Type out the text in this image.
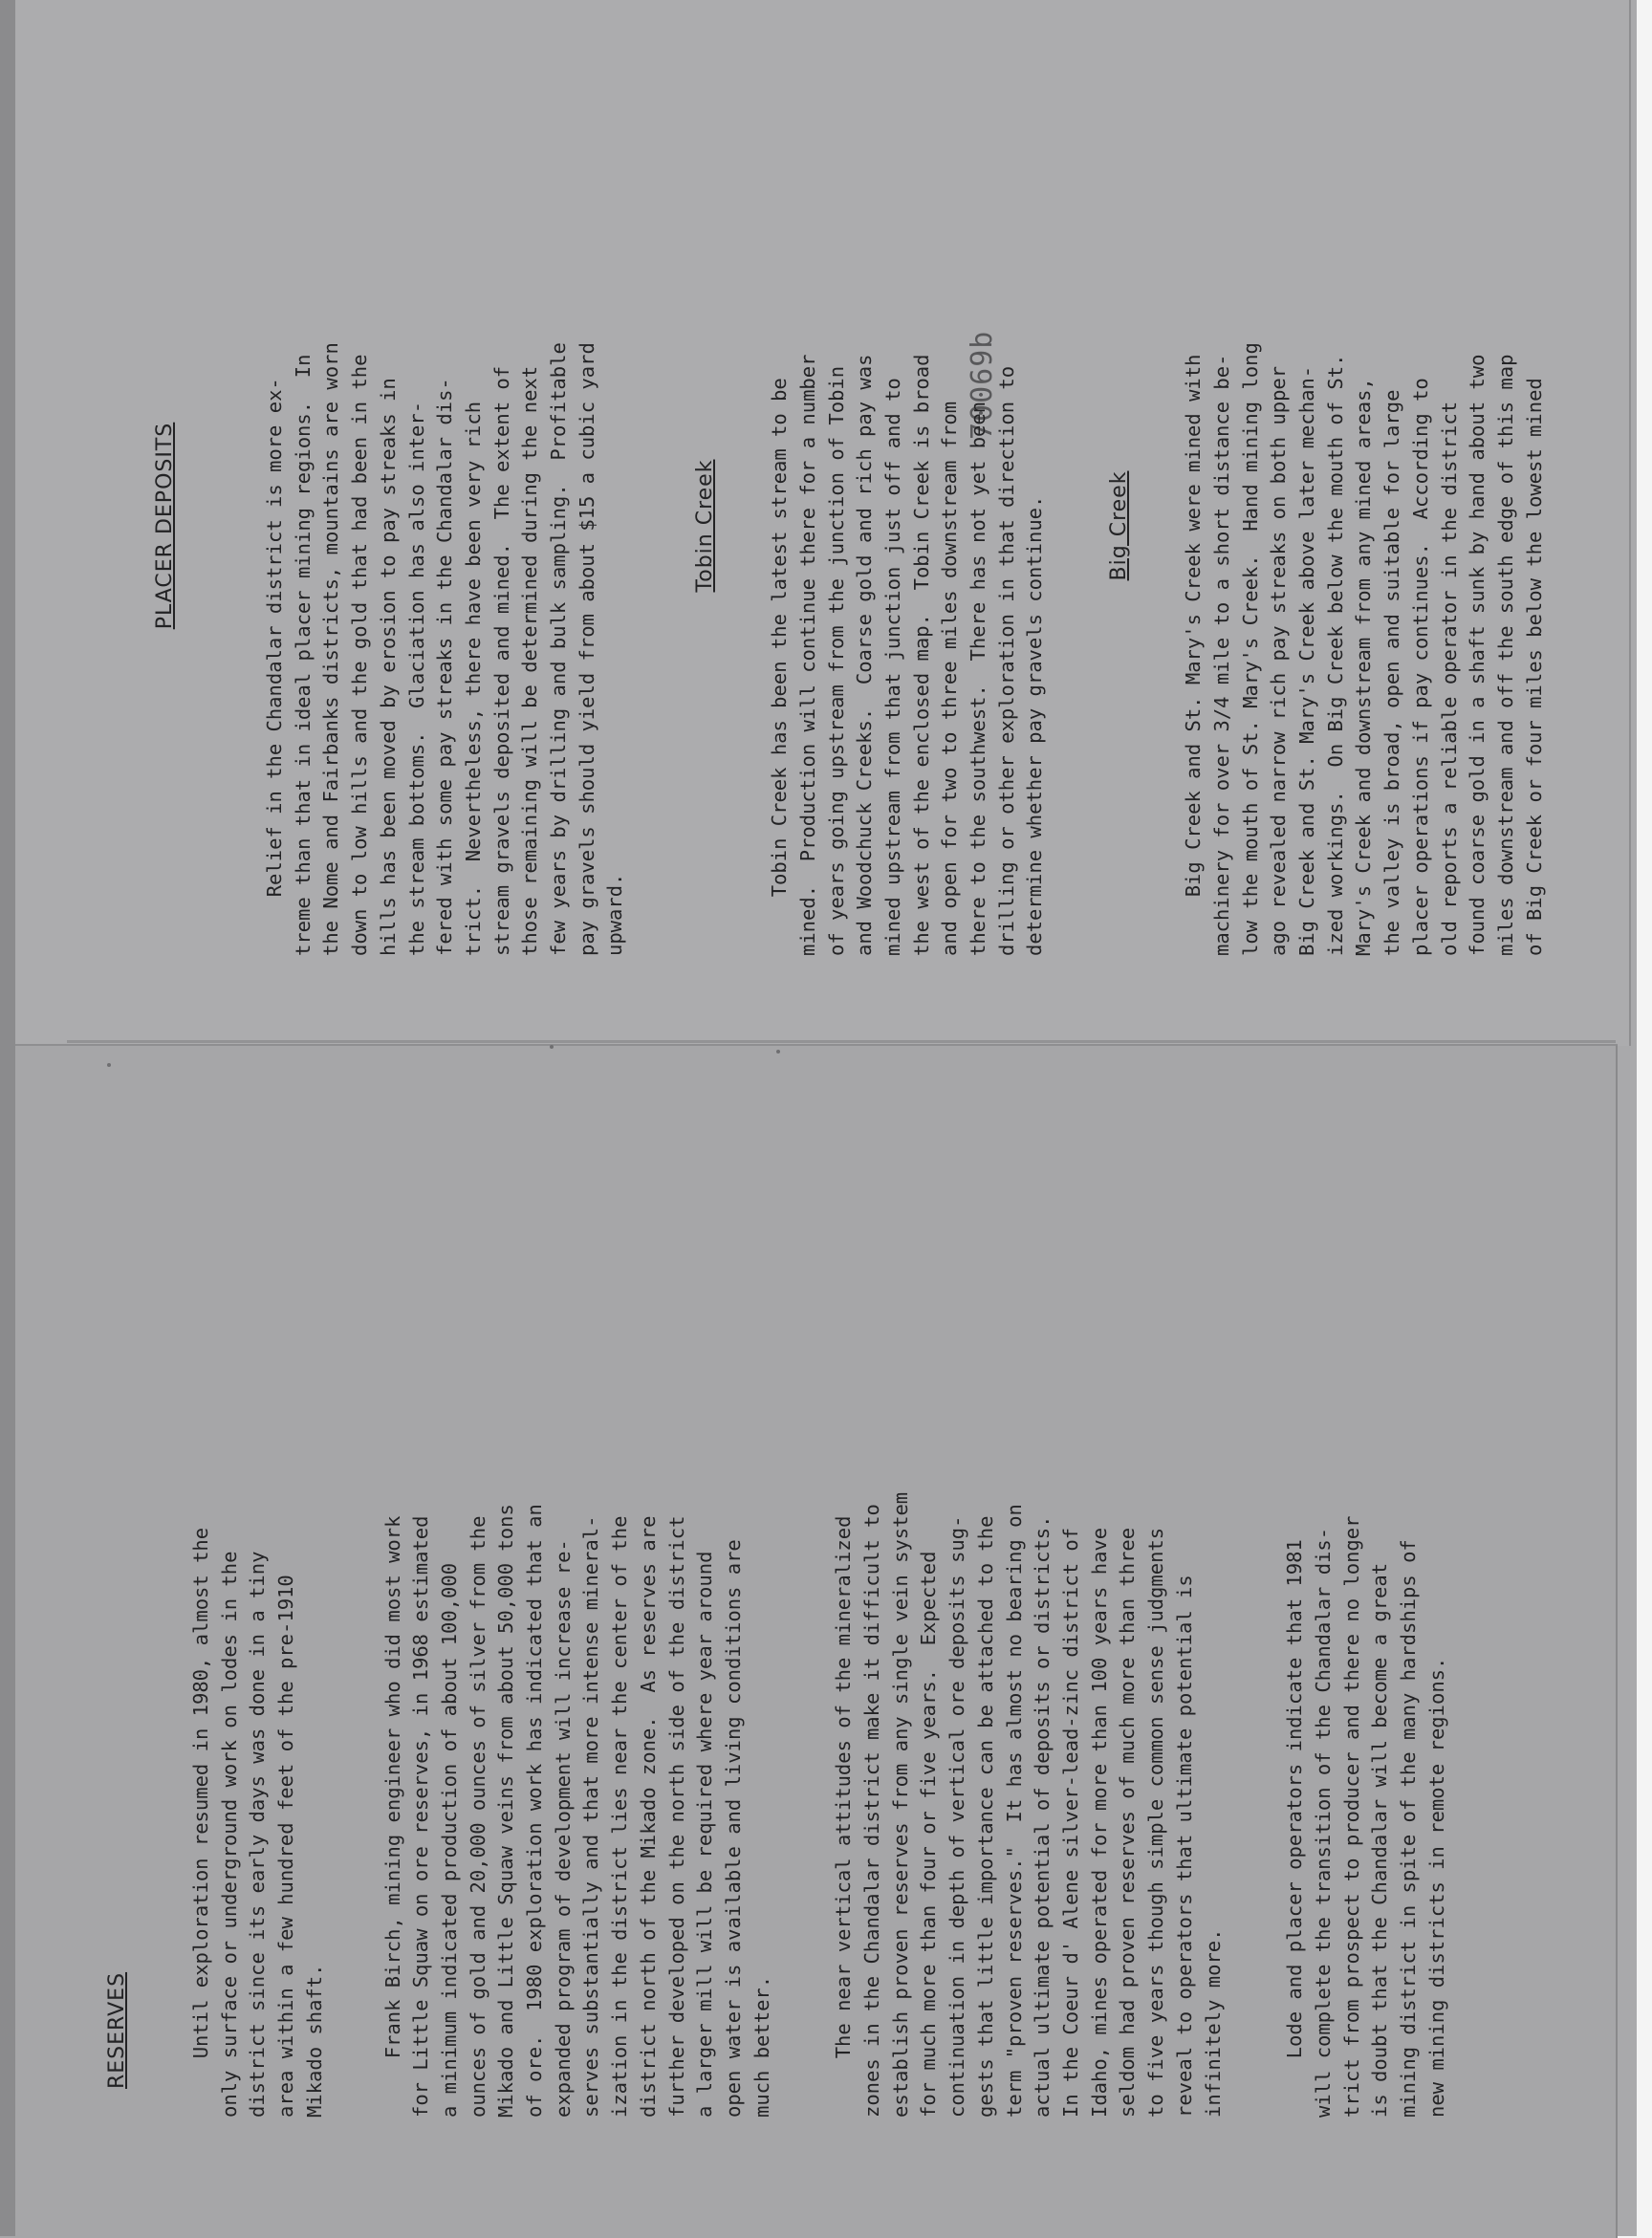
70069b

PLACER DEPOSITS

Relief in the Chandalar district is more ex-
treme than that in ideal placer mining regions.  In
the Nome and Fairbanks districts, mountains are worn
down to low hills and the gold that had been in the
hills has been moved by erosion to pay streaks in
the stream bottoms.  Glaciation has also inter-
fered with some pay streaks in the Chandalar dis-
trict.  Nevertheless, there have been very rich
stream gravels deposited and mined.  The extent of
those remaining will be determined during the next
few years by drilling and bulk sampling.  Profitable
pay gravels should yield from about $15 a cubic yard
upward.

Tobin Creek

Tobin Creek has been the latest stream to be
mined.  Production will continue there for a number
of years going upstream from the junction of Tobin
and Woodchuck Creeks.  Coarse gold and rich pay was
mined upstream from that junction just off and to
the west of the enclosed map.  Tobin Creek is broad
and open for two to three miles downstream from
there to the southwest.  There has not yet been
drilling or other exploration in that direction to
determine whether pay gravels continue.	Big Creek

Big Creek and St. Mary's Creek were mined with
machinery for over 3/4 mile to a short distance be-
low the mouth of St. Mary's Creek.  Hand mining long
ago revealed narrow rich pay streaks on both upper
Big Creek and St. Mary's Creek above later mechan-
ized workings.  On Big Creek below the mouth of St.
Mary's Creek and downstream from any mined areas,
the valley is broad, open and suitable for large
placer operations if pay continues.  According to
old reports a reliable operator in the district
found coarse gold in a shaft sunk by hand about two
miles downstream and off the south edge of this map
of Big Creek or four miles below the lowest mined

RESERVES	Until exploration resumed in 1980, almost the
only surface or underground work on lodes in the
district since its early days was done in a tiny
area within a few hundred feet of the pre-1910
Mikado shaft.	Frank Birch, mining engineer who did most work
for Little Squaw on ore reserves, in 1968 estimated
a minimum indicated production of about 100,000
ounces of gold and 20,000 ounces of silver from the
Mikado and Little Squaw veins from about 50,000 tons
of ore.  1980 exploration work has indicated that an
expanded program of development will increase re-
serves substantially and that more intense mineral-
ization in the district lies near the center of the
district north of the Mikado zone.  As reserves are
further developed on the north side of the district
a larger mill will be required where year around
open water is available and living conditions are
much better.	The near vertical attitudes of the mineralized
zones in the Chandalar district make it difficult to
establish proven reserves from any single vein system
for much more than four or five years.  Expected
continuation in depth of vertical ore deposits sug-
gests that little importance can be attached to the
term "proven reserves."  It has almost no bearing on
actual ultimate potential of deposits or districts.
In the Coeur d' Alene silver-lead-zinc district of
Idaho, mines operated for more than 100 years have
seldom had proven reserves of much more than three
to five years though simple common sense judgments
reveal to operators that ultimate potential is
infinitely more.

Lode and placer operators indicate that 1981
will complete the transition of the Chandalar dis-
trict from prospect to producer and there no longer
is doubt that the Chandalar will become a great
mining district in spite of the many hardships of
new mining districts in remote regions.
